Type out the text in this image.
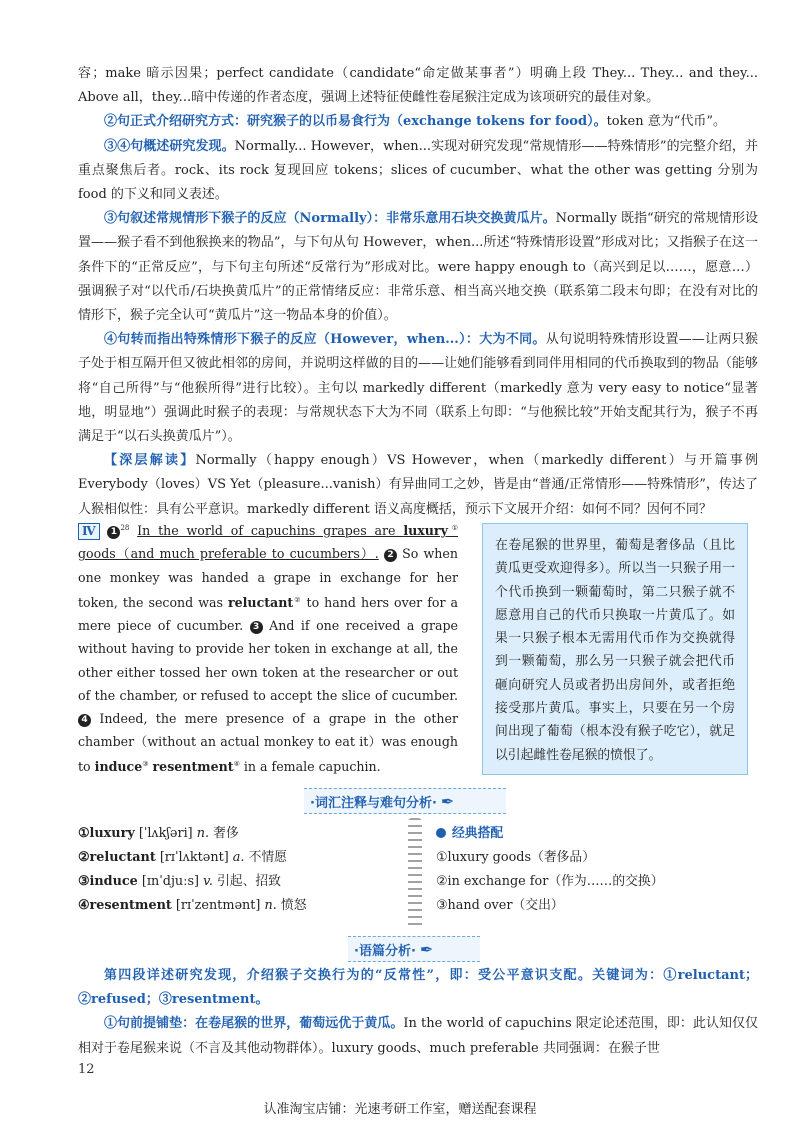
容；make 暗示因果；perfect candidate（candidate“命定做某事者”）明确上段 They... They... and they... Above all，they...暗中传递的作者态度，强调上述特征使雌性卷尾猴注定成为该项研究的最佳对象。

②句正式介绍研究方式：研究猴子的以币易食行为（exchange tokens for food）。token 意为“代币”。

③④句概述研究发现。Normally... However，when...实现对研究发现“常规情形——特殊情形”的完整介绍，并重点聚焦后者。rock、its rock 复现回应 tokens；slices of cucumber、what the other was getting 分别为 food 的下义和同义表述。

③句叙述常规情形下猴子的反应（Normally）：非常乐意用石块交换黄瓜片。Normally 既指“研究的常规情形设置——猴子看不到他猴换来的物品”，与下句从句 However，when...所述“特殊情形设置”形成对比；又指猴子在这一条件下的“正常反应”，与下句主句所述“反常行为”形成对比。were happy enough to（高兴到足以……，愿意…）强调猴子对“以代币/石块换黄瓜片”的正常情绪反应：非常乐意、相当高兴地交换（联系第二段末句即；在没有对比的情形下，猴子完全认可“黄瓜片”这一物品本身的价值）。

④句转而指出特殊情形下猴子的反应（However，when...）：大为不同。从句说明特殊情形设置——让两只猴子处于相互隔开但又彼此相邻的房间，并说明这样做的目的——让她们能够看到同伴用相同的代币换取到的物品（能够将“自己所得”与“他猴所得”进行比较）。主句以 markedly different（markedly 意为 very easy to notice“显著地，明显地”）强调此时猴子的表现：与常规状态下大为不同（联系上句即：“与他猴比较”开始支配其行为，猴子不再满足于“以石头换黄瓜片”）。

【深层解读】Normally（happy enough）VS However，when（markedly different）与开篇事例 Everybody（loves）VS Yet（pleasure...vanish）有异曲同工之妙，皆是由“普通/正常情形——特殊情形”，传达了人猴相似性：具有公平意识。markedly different 语义高度概括，预示下文展开介绍：如何不同？因何不同？

Ⅳ 1 $^{28}$ In the world of capuchins grapes are luxury① goods（and much preferable to cucumbers）. 2 So when one monkey was handed a grape in exchange for her token, the second was reluctant② to hand hers over for a mere piece of cucumber. 3 And if one received a grape without having to provide her token in exchange at all, the other either tossed her own token at the researcher or out of the chamber, or refused to accept the slice of cucumber. 4 Indeed, the mere presence of a grape in the other chamber（without an actual monkey to eat it）was enough to induce③ resentment④ in a female capuchin.
在卷尾猴的世界里，葡萄是奢侈品（且比黄瓜更受欢迎得多）。所以当一只猴子用一个代币换到一颗葡萄时，第二只猴子就不愿意用自己的代币只换取一片黄瓜了。如果一只猴子根本无需用代币作为交换就得到一颗葡萄，那么另一只猴子就会把代币砸向研究人员或者扔出房间外，或者拒绝接受那片黄瓜。事实上，只要在另一个房间出现了葡萄（根本没有猴子吃它），就足以引起雌性卷尾猴的愤恨了。
·词汇注释与难句分析· ✒
①luxury [ˈlʌkʃəri] n. 奢侈
②reluctant [rɪˈlʌktənt] a. 不情愿
③induce [ɪnˈdjuːs] v. 引起、招致
④resentment [rɪˈzentmənt] n. 愤怒
经典搭配
①luxury goods（奢侈品）
②in exchange for（作为……的交换）
③hand over（交出）
·语篇分析· ✒

第四段详述研究发现，介绍猴子交换行为的“反常性”，即：受公平意识支配。关键词为：①reluctant；②refused；③resentment。

①句前提铺垫：在卷尾猴的世界，葡萄远优于黄瓜。In the world of capuchins 限定论述范围，即：此认知仅仅相对于卷尾猴来说（不言及其他动物群体）。luxury goods、much preferable 共同强调：在猴子世

12
认准淘宝店铺：光速考研工作室，赠送配套课程
